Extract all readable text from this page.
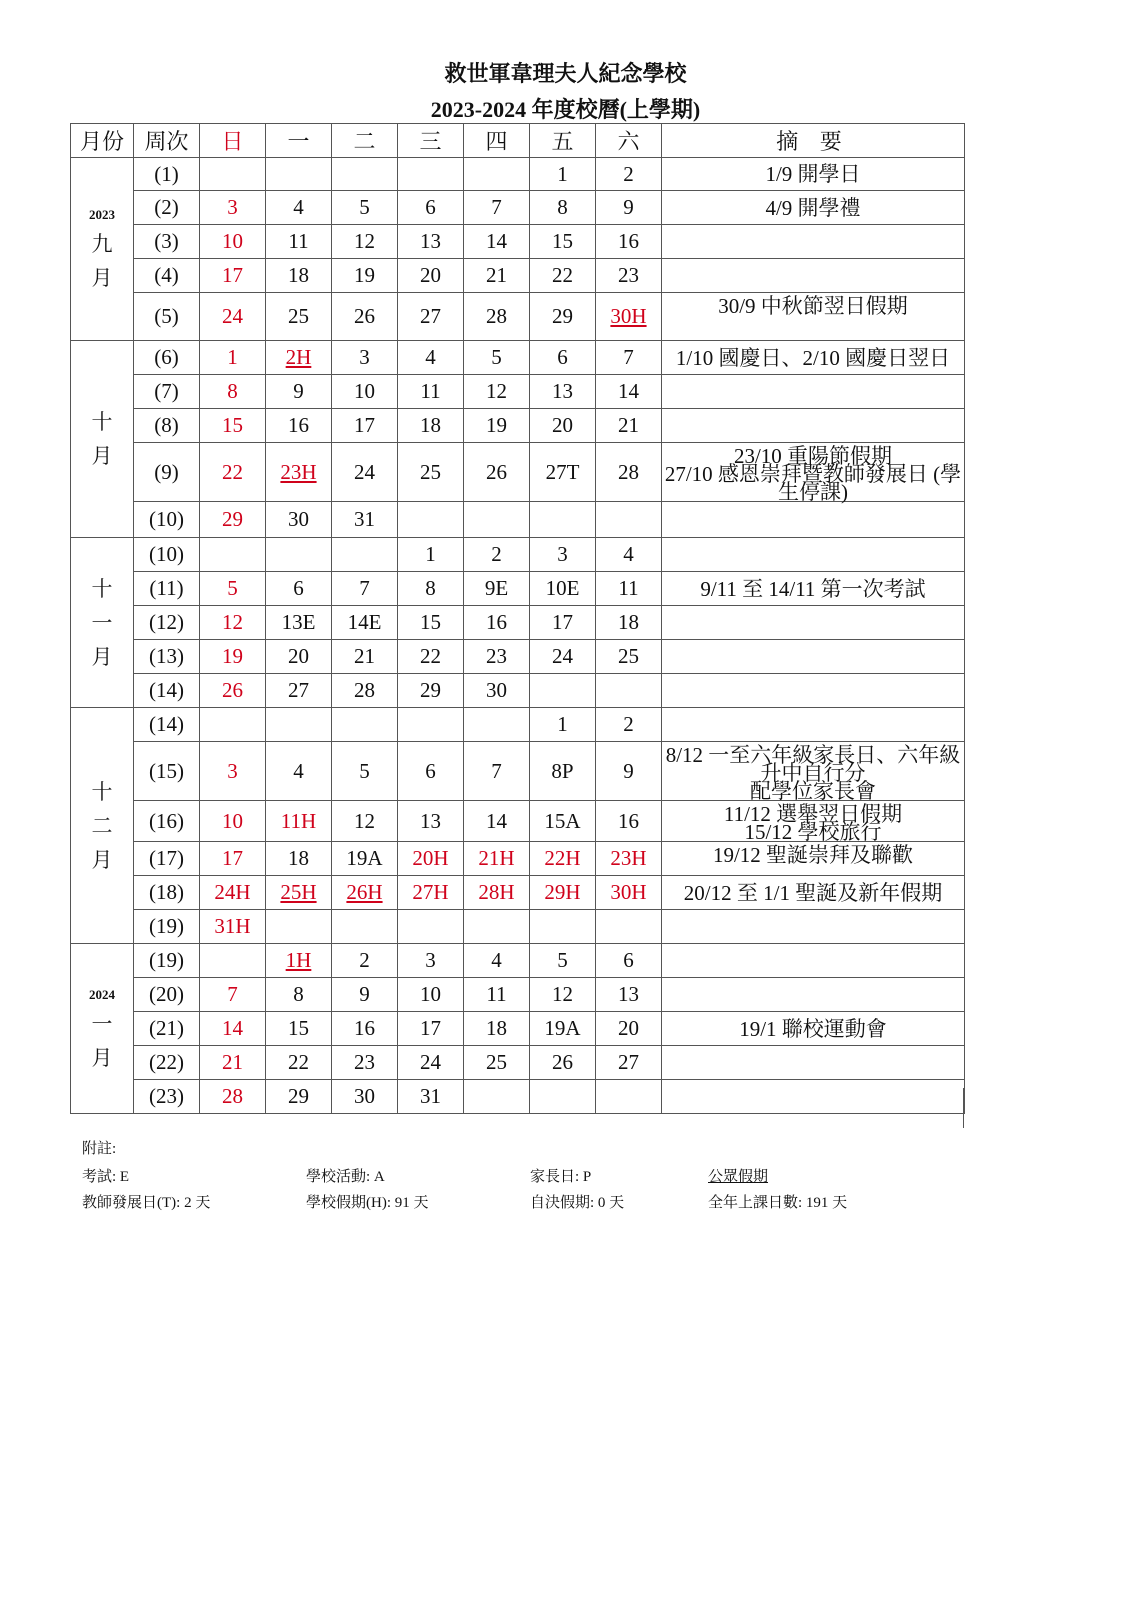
救世軍韋理夫人紀念學校
2023-2024 年度校曆(上學期)
月份	周次	日	一	二	三	四	五	六	摘 要

2023
九
月	(1)						1	2	1/9 開學日

	(2)	3	4	5	6	7	8	9	4/9 開學禮

	(3)	10	11	12	13	14	15	16	
	(4)	17	18	19	20	21	22	23	
	(5)	24	25	26	27	28	29	30H	30/9 中秋節翌日假期

十
月	(6)	1	2H	3	4	5	6	7	1/10 國慶日、2/10 國慶日翌日

	(7)	8	9	10	11	12	13	14	
	(8)	15	16	17	18	19	20	21	
	(9)	22	23H	24	25	26	27T	28	23/10 重陽節假期
27/10 感恩崇拜暨教師發展日 (學生停課)

	(10)	29	30	31					

十
一
月	(10)				1	2	3	4	
	(11)	5	6	7	8	9E	10E	11	9/11 至 14/11 第一次考試

	(12)	12	13E	14E	15	16	17	18	
	(13)	19	20	21	22	23	24	25	
	(14)	26	27	28	29	30			

十
二
月	(14)						1	2	
	(15)	3	4	5	6	7	8P	9	8/12 一至六年級家長日、六年級升中自行分
配學位家長會

	(16)	10	11H	12	13	14	15A	16	11/12 選舉翌日假期
15/12 學校旅行

	(17)	17	18	19A	20H	21H	22H	23H	19/12 聖誕崇拜及聯歡

	(18)	24H	25H	26H	27H	28H	29H	30H	20/12 至 1/1 聖誕及新年假期

	(19)	31H							

2024
一
月	(19)		1H	2	3	4	5	6	
	(20)	7	8	9	10	11	12	13	
	(21)	14	15	16	17	18	19A	20	19/1 聯校運動會

	(22)	21	22	23	24	25	26	27	
	(23)	28	29	30	31				
附註:
考試: E	學校活動: A	家長日: P	公眾假期
教師發展日(T): 2 天	學校假期(H): 91 天	自決假期: 0 天	全年上課日數: 191 天
